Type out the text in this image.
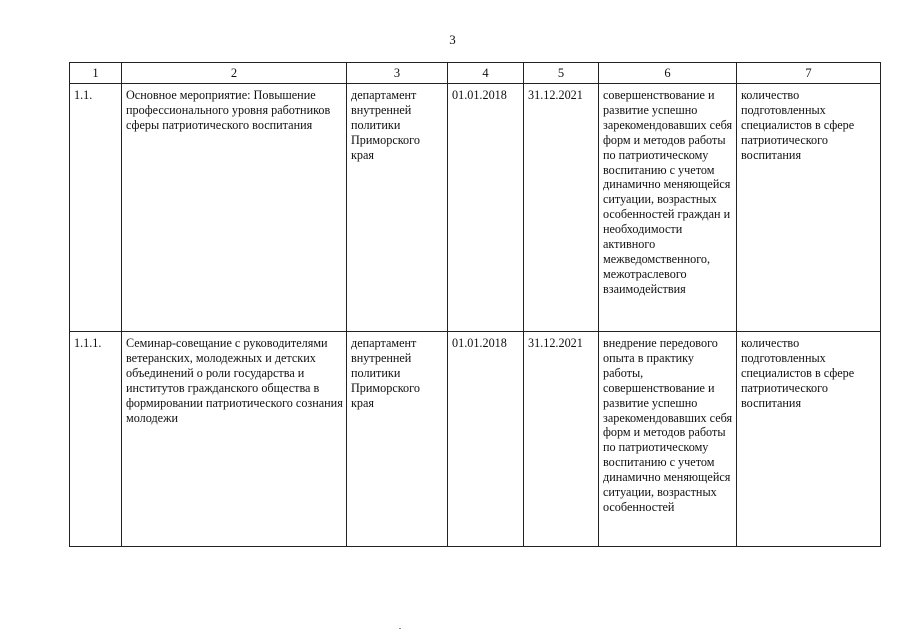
3
1	2	3	4	5	6	7
1.1.	Основное мероприятие: Повышение профессионального уровня работников сферы патриотического воспитания	департамент внутренней политики Приморского края	01.01.2018	31.12.2021	совершенствование и развитие успешно зарекомендовавших себя форм и методов работы по патриотическому воспитанию с учетом динамично меняющейся ситуации, возрастных особенностей граждан и необходимости активного межведомственного, межотраслевого взаимодействия	количество подготовленных специалистов в сфере патриотического воспитания
1.1.1.	Семинар-совещание с руководителями ветеранских, молодежных и детских объединений о роли государства и институтов гражданского общества в формировании патриотического сознания молодежи	департамент внутренней политики Приморского края	01.01.2018	31.12.2021	внедрение передового опыта в практику работы, совершенствование и развитие успешно зарекомендовавших себя форм и методов работы по патриотическому воспитанию с учетом динамично меняющейся ситуации, возрастных особенностей	количество подготовленных специалистов в сфере патриотического воспитания
